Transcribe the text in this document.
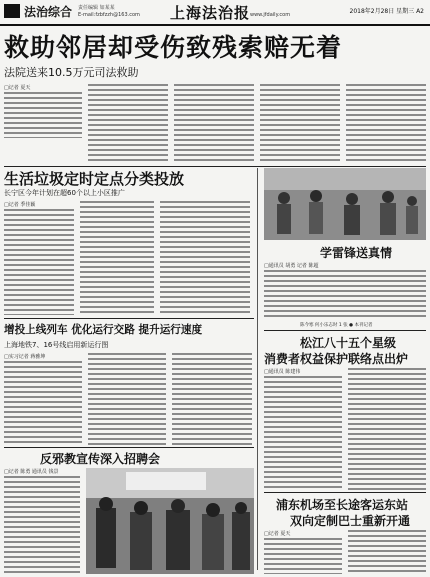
法治综合 责任编辑 如某某
E-mail:fzbfzzh@163.com 上海法治报 www.jfdaily.com	2018年2月28日 星期三 A2
救助邻居却受伤致残索赔无着
法院送来10.5万元司法救助
□记者 夏天
生活垃圾定时定点分类投放
长宁区今年计划在超60个以上小区推广
□记者 季佳颖
学雷锋送真情
□通讯员 胡勇 记者 陈超
陈今寒 何小乐志时 1 张 ● 本刊记者
增投上线列车 优化运行交路 提升运行速度
上海地铁7、16号线启用新运行图
□实习记者 蒋雅坤
松江八十五个星级
消费者权益保护联络点出炉
□通讯员 陈建伟
反邪教宣传深入招聘会
□记者 陈勇 通讯员 钱景
浦东机场至长途客运东站
双向定制巴士重新开通
□记者 夏天
